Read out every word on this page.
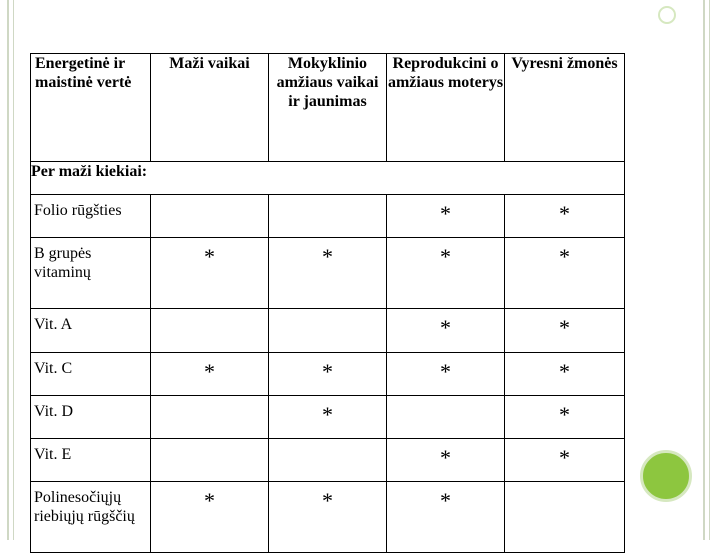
Energetinė ir maistinė vertė	Maži vaikai	Mokyklinio amžiaus vaikai ir jaunimas	Reprodukcini o amžiaus moterys	Vyresni žmonės
Per maži kiekiai:				
Folio rūgšties			*	*
B grupės vitaminų	*	*	*	*
Vit. A			*	*
Vit. C	*	*	*	*
Vit. D		*		*
Vit. E			*	*
Polinesočiųjų riebiųjų rūgščių	*	*	*	
